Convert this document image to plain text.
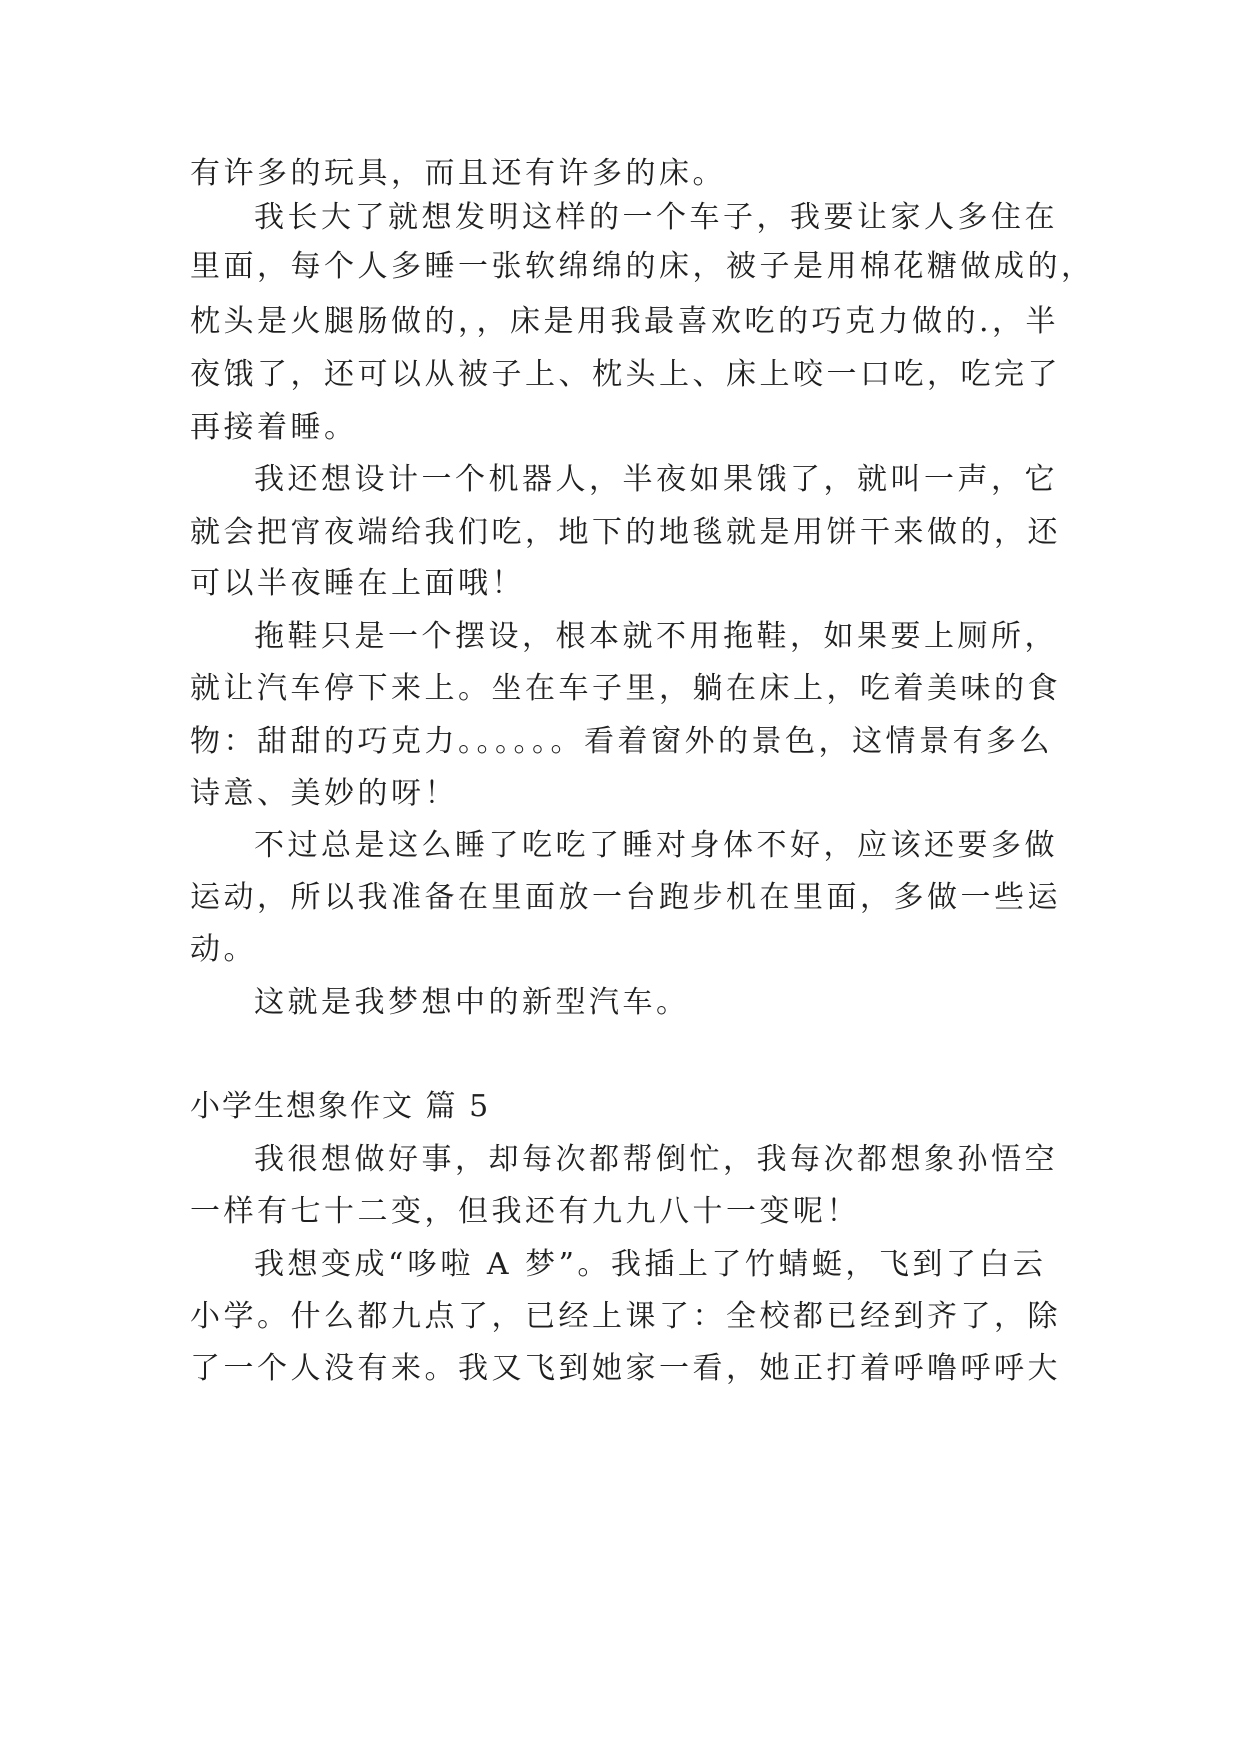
有许多的玩具，而且还有许多的床。
我长大了就想发明这样的一个车子，我要让家人多住在
里面，每个人多睡一张软绵绵的床，被子是用棉花糖做成的，
枕头是火腿肠做的，，床是用我最喜欢吃的巧克力做的.，半
夜饿了，还可以从被子上、枕头上、床上咬一口吃，吃完了
再接着睡。
我还想设计一个机器人，半夜如果饿了，就叫一声，它
就会把宵夜端给我们吃，地下的地毯就是用饼干来做的，还
可以半夜睡在上面哦！
拖鞋只是一个摆设，根本就不用拖鞋，如果要上厕所，
就让汽车停下来上。坐在车子里，躺在床上，吃着美味的食
物：甜甜的巧克力。。。。。。看着窗外的景色，这情景有多么
诗意、美妙的呀！
不过总是这么睡了吃吃了睡对身体不好，应该还要多做
运动，所以我准备在里面放一台跑步机在里面，多做一些运
动。
这就是我梦想中的新型汽车。
小学生想象作文 篇 5
我很想做好事，却每次都帮倒忙，我每次都想象孙悟空
一样有七十二变，但我还有九九八十一变呢！
我想变成“哆啦 A 梦”。我插上了竹蜻蜓，飞到了白云
小学。什么都九点了，已经上课了：全校都已经到齐了，除
了一个人没有来。我又飞到她家一看，她正打着呼噜呼呼大
